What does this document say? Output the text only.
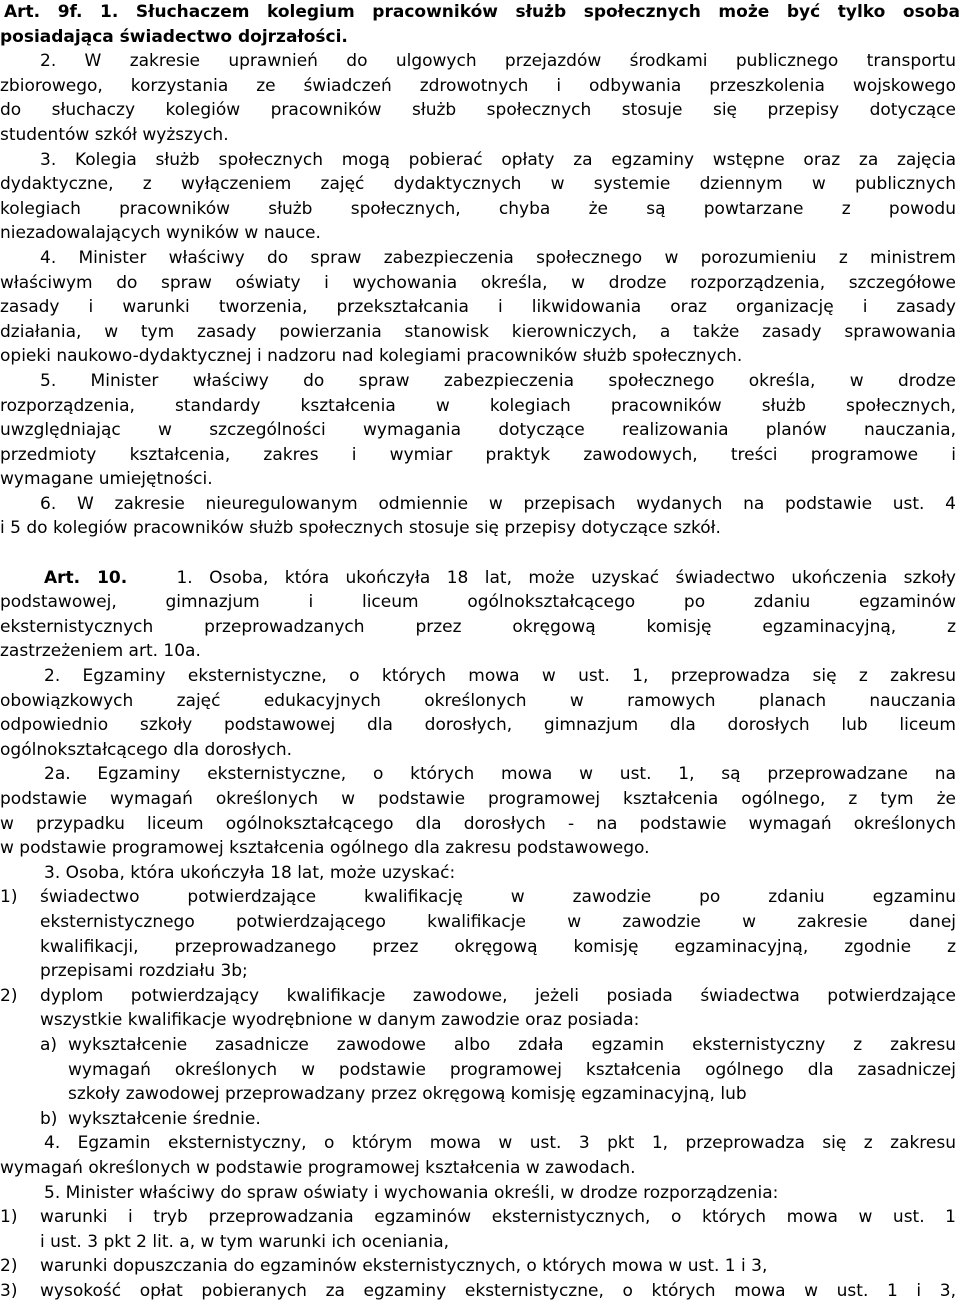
Art. 9f. 1. Słuchaczem kolegium pracowników służb społecznych może być tylko osoba
posiadająca świadectwo dojrzałości.
2. W zakresie uprawnień do ulgowych przejazdów środkami publicznego transportu
zbiorowego, korzystania ze świadczeń zdrowotnych i odbywania przeszkolenia wojskowego
do słuchaczy kolegiów pracowników służb społecznych stosuje się przepisy dotyczące
studentów szkół wyższych.
3. Kolegia służb społecznych mogą pobierać opłaty za egzaminy wstępne oraz za zajęcia
dydaktyczne, z wyłączeniem zajęć dydaktycznych w systemie dziennym w publicznych
kolegiach pracowników służb społecznych, chyba że są powtarzane z powodu
niezadowalających wyników w nauce.
4. Minister właściwy do spraw zabezpieczenia społecznego w porozumieniu z ministrem
właściwym do spraw oświaty i wychowania określa, w drodze rozporządzenia, szczegółowe
zasady i warunki tworzenia, przekształcania i likwidowania oraz organizację i zasady
działania, w tym zasady powierzania stanowisk kierowniczych, a także zasady sprawowania
opieki naukowo-dydaktycznej i nadzoru nad kolegiami pracowników służb społecznych.
5. Minister właściwy do spraw zabezpieczenia społecznego określa, w drodze
rozporządzenia, standardy kształcenia w kolegiach pracowników służb społecznych,
uwzględniając w szczególności wymagania dotyczące realizowania planów nauczania,
przedmioty kształcenia, zakres i wymiar praktyk zawodowych, treści programowe i
wymagane umiejętności.
6. W zakresie nieuregulowanym odmiennie w przepisach wydanych na podstawie ust. 4
i 5 do kolegiów pracowników służb społecznych stosuje się przepisy dotyczące szkół.
Art. 10.	1. Osoba, która ukończyła 18 lat, może uzyskać świadectwo ukończenia szkoły
podstawowej, gimnazjum i liceum ogólnokształcącego po zdaniu egzaminów
eksternistycznych przeprowadzanych przez okręgową komisję egzaminacyjną, z
zastrzeżeniem art. 10a.
2. Egzaminy eksternistyczne, o których mowa w ust. 1, przeprowadza się z zakresu
obowiązkowych zajęć edukacyjnych określonych w ramowych planach nauczania
odpowiednio szkoły podstawowej dla dorosłych, gimnazjum dla dorosłych lub liceum
ogólnokształcącego dla dorosłych.
2a. Egzaminy eksternistyczne, o których mowa w ust. 1, są przeprowadzane na
podstawie wymagań określonych w podstawie programowej kształcenia ogólnego, z tym że
w przypadku liceum ogólnokształcącego dla dorosłych - na podstawie wymagań określonych
w podstawie programowej kształcenia ogólnego dla zakresu podstawowego.
3. Osoba, która ukończyła 18 lat, może uzyskać:
1) świadectwo potwierdzające kwalifikację w zawodzie po zdaniu egzaminu
eksternistycznego potwierdzającego kwalifikacje w zawodzie w zakresie danej
kwalifikacji, przeprowadzanego przez okręgową komisję egzaminacyjną, zgodnie z
przepisami rozdziału 3b;
2) dyplom potwierdzający kwalifikacje zawodowe, jeżeli posiada świadectwa potwierdzające
wszystkie kwalifikacje wyodrębnione w danym zawodzie oraz posiada:
a) wykształcenie zasadnicze zawodowe albo zdała egzamin eksternistyczny z zakresu
wymagań określonych w podstawie programowej kształcenia ogólnego dla zasadniczej
szkoły zawodowej przeprowadzany przez okręgową komisję egzaminacyjną, lub
b) wykształcenie średnie.
4. Egzamin eksternistyczny, o którym mowa w ust. 3 pkt 1, przeprowadza się z zakresu
wymagań określonych w podstawie programowej kształcenia w zawodach.
5. Minister właściwy do spraw oświaty i wychowania określi, w drodze rozporządzenia:
1) warunki i tryb przeprowadzania egzaminów eksternistycznych, o których mowa w ust. 1
i ust. 3 pkt 2 lit. a, w tym warunki ich oceniania,
2) warunki dopuszczania do egzaminów eksternistycznych, o których mowa w ust. 1 i 3,
3) wysokość opłat pobieranych za egzaminy eksternistyczne, o których mowa w ust. 1 i 3,
